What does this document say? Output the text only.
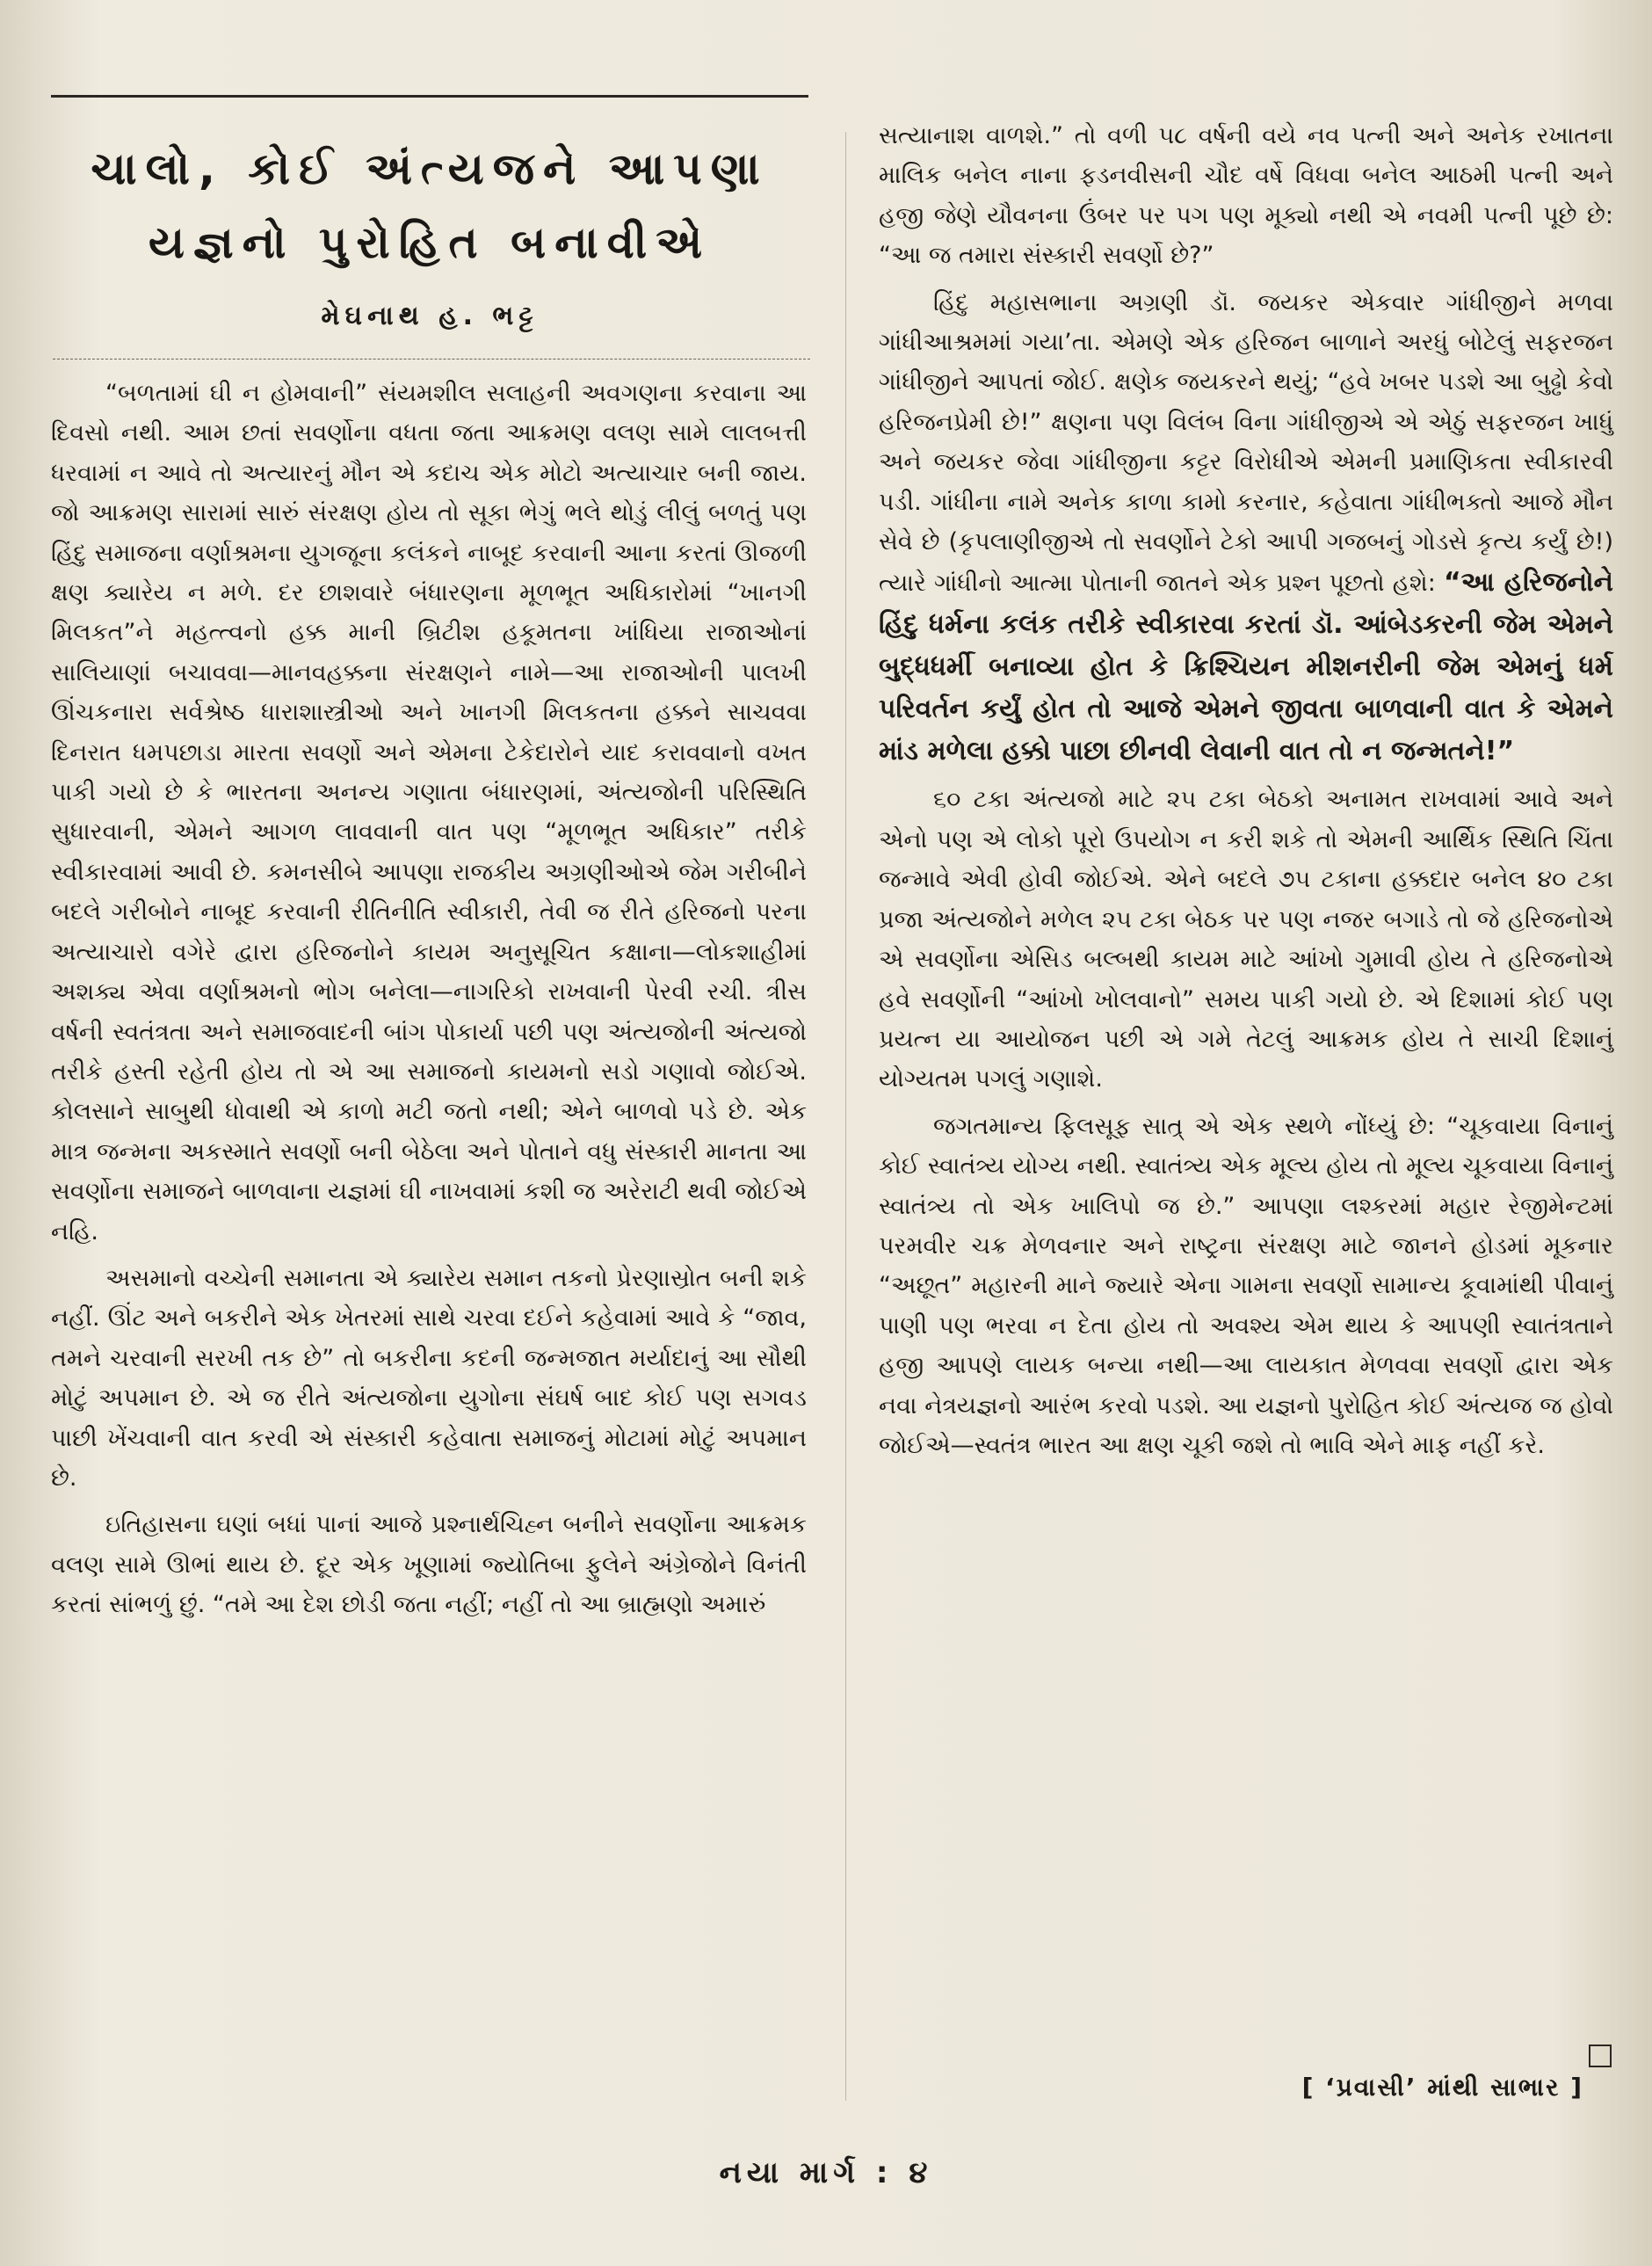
ચાલો, કોઈ અંત્યજને આપણા
યજ્ઞનો પુરોહિત બનાવીએ
મેઘનાથ હ. ભટ્ટ

“બળતામાં ઘી ન હોમવાની” સંયમશીલ સલાહની અવગણના કરવાના આ દિવસો નથી. આમ છતાં સવર્ણોના વધતા જતા આક્રમણ વલણ સામે લાલબત્તી ધરવામાં ન આવે તો અત્યારનું મૌન એ કદાચ એક મોટો અત્યાચાર બની જાય. જો આક્રમણ સારામાં સારું સંરક્ષણ હોય તો સૂકા ભેગું ભલે થોડું લીલું બળતું પણ હિંદુ સમાજના વર્ણાશ્રમના યુગજૂના કલંકને નાબૂદ કરવાની આના કરતાં ઊજળી ક્ષણ ક્યારેય ન મળે. દર છાશવારે બંધારણના મૂળભૂત અધિકારોમાં “ખાનગી મિલકત”ને મહત્ત્વનો હક્ક માની બ્રિટીશ હકૂમતના ખાંધિયા રાજાઓનાં સાલિયાણાં બચાવવા—માનવહક્કના સંરક્ષણને નામે—આ રાજાઓની પાલખી ઊંચકનારા સર્વશ્રેષ્ઠ ધારાશાસ્ત્રીઓ અને ખાનગી મિલકતના હક્કને સાચવવા દિનરાત ધમપછાડા મારતા સવર્ણો અને એમના ટેકેદારોને યાદ કરાવવાનો વખત પાકી ગયો છે કે ભારતના અનન્ય ગણાતા બંધારણમાં, અંત્યજોની પરિસ્થિતિ સુધારવાની, એમને આગળ લાવવાની વાત પણ “મૂળભૂત અધિકાર” તરીકે સ્વીકારવામાં આવી છે. કમનસીબે આપણા રાજકીય અગ્રણીઓએ જેમ ગરીબીને બદલે ગરીબોને નાબૂદ કરવાની રીતિનીતિ સ્વીકારી, તેવી જ રીતે હરિજનો પરના અત્યાચારો વગેરે દ્વારા હરિજનોને કાયમ અનુસૂચિત કક્ષાના—લોકશાહીમાં અશક્ય એવા વર્ણાશ્રમનો ભોગ બનેલા—નાગરિકો રાખવાની પેરવી રચી. ત્રીસ વર્ષની સ્વતંત્રતા અને સમાજવાદની બાંગ પોકાર્યા પછી પણ અંત્યજોની અંત્યજો તરીકે હસ્તી રહેતી હોય તો એ આ સમાજનો કાયમનો સડો ગણાવો જોઈએ. કોલસાને સાબુથી ધોવાથી એ કાળો મટી જતો નથી; એને બાળવો પડે છે. એક માત્ર જન્મના અકસ્માતે સવર્ણો બની બેઠેલા અને પોતાને વધુ સંસ્કારી માનતા આ સવર્ણોના સમાજને બાળવાના યજ્ઞમાં ઘી નાખવામાં કશી જ અરેરાટી થવી જોઈએ નહિ.

અસમાનો વચ્ચેની સમાનતા એ ક્યારેય સમાન તકનો પ્રેરણાસ્રોત બની શકે નહીં. ઊંટ અને બકરીને એક ખેતરમાં સાથે ચરવા દઈને કહેવામાં આવે કે “જાવ, તમને ચરવાની સરખી તક છે” તો બકરીના કદની જન્મજાત મર્યાદાનું આ સૌથી મોટું અપમાન છે. એ જ રીતે અંત્યજોના યુગોના સંઘર્ષ બાદ કોઈ પણ સગવડ પાછી ખેંચવાની વાત કરવી એ સંસ્કારી કહેવાતા સમાજનું મોટામાં મોટું અપમાન છે.

ઇતિહાસના ઘણાં બધાં પાનાં આજે પ્રશ્નાર્થચિહ્ન બનીને સવર્ણોના આક્રમક વલણ સામે ઊભાં થાય છે. દૂર એક ખૂણામાં જ્યોતિબા ફુલેને અંગ્રેજોને વિનંતી કરતાં સાંભળું છું. “તમે આ દેશ છોડી જતા નહીં; નહીં તો આ બ્રાહ્મણો અમારું

સત્યાનાશ વાળશે.” તો વળી ૫૮ વર્ષની વયે નવ પત્ની અને અનેક રખાતના માલિક બનેલ નાના ફડનવીસની ચૌદ વર્ષે વિધવા બનેલ આઠમી પત્ની અને હજી જેણે યૌવનના ઉંબર પર પગ પણ મૂક્યો નથી એ નવમી પત્ની પૂછે છે: “આ જ તમારા સંસ્કારી સવર્ણો છે?”

હિંદુ મહાસભાના અગ્રણી ડૉ. જયકર એકવાર ગાંધીજીને મળવા ગાંધીઆશ્રમમાં ગયા’તા. એમણે એક હરિજન બાળાને અરધું બોટેલું સફરજન ગાંધીજીને આપતાં જોઈ. ક્ષણેક જયકરને થયું; “હવે ખબર પડશે આ બુઢ્ઢો કેવો હરિજનપ્રેમી છે!” ક્ષણના પણ વિલંબ વિના ગાંધીજીએ એ એઠું સફરજન ખાધું અને જયકર જેવા ગાંધીજીના કટ્ટર વિરોધીએ એમની પ્રમાણિકતા સ્વીકારવી પડી. ગાંધીના નામે અનેક કાળા કામો કરનાર, કહેવાતા ગાંધીભક્તો આજે મૌન સેવે છે (કૃપલાણીજીએ તો સવર્ણોને ટેકો આપી ગજબનું ગોડસે કૃત્ય કર્યું છે!) ત્યારે ગાંધીનો આત્મા પોતાની જાતને એક પ્રશ્ન પૂછતો હશે: “આ હરિજનોને હિંદુ ધર્મના કલંક તરીકે સ્વીકારવા કરતાં ડૉ. આંબેડકરની જેમ એમને બુદ્ધધર્મી બનાવ્યા હોત કે ક્રિશ્ચિયન મીશનરીની જેમ એમનું ધર્મ પરિવર્તન કર્યું હોત તો આજે એમને જીવતા બાળવાની વાત કે એમને માંડ મળેલા હક્કો પાછા છીનવી લેવાની વાત તો ન જન્મતને!”

૬૦ ટકા અંત્યજો માટે ૨૫ ટકા બેઠકો અનામત રાખવામાં આવે અને એનો પણ એ લોકો પૂરો ઉપયોગ ન કરી શકે તો એમની આર્થિક સ્થિતિ ચિંતા જન્માવે એવી હોવી જોઈએ. એને બદલે ૭૫ ટકાના હક્કદાર બનેલ ૪૦ ટકા પ્રજા અંત્યજોને મળેલ ૨૫ ટકા બેઠક પર પણ નજર બગાડે તો જે હરિજનોએ એ સવર્ણોના એસિડ બલ્બથી કાયમ માટે આંખો ગુમાવી હોય તે હરિજનોએ હવે સવર્ણોની “આંખો ખોલવાનો” સમય પાકી ગયો છે. એ દિશામાં કોઈ પણ પ્રયત્ન યા આયોજન પછી એ ગમે તેટલું આક્રમક હોય તે સાચી દિશાનું યોગ્યતમ પગલું ગણાશે.

જગતમાન્ય ફિલસૂફ સાત્ર્ એ એક સ્થળે નોંધ્યું છે: “ચૂકવાયા વિનાનું કોઈ સ્વાતંત્ર્ય યોગ્ય નથી. સ્વાતંત્ર્ય એક મૂલ્ય હોય તો મૂલ્ય ચૂકવાયા વિનાનું સ્વાતંત્ર્ય તો એક ખાલિપો જ છે.” આપણા લશ્કરમાં મહાર રેજીમેન્ટમાં પરમવીર ચક્ર મેળવનાર અને રાષ્ટ્રના સંરક્ષણ માટે જાનને હોડમાં મૂકનાર “અછૂત” મહારની માને જ્યારે એના ગામના સવર્ણો સામાન્ય કૂવામાંથી પીવાનું પાણી પણ ભરવા ન દેતા હોય તો અવશ્ય એમ થાય કે આપણી સ્વાતંત્રતાને હજી આપણે લાયક બન્યા નથી—આ લાયકાત મેળવવા સવર્ણો દ્વારા એક નવા નેત્રયજ્ઞનો આરંભ કરવો પડશે. આ યજ્ઞનો પુરોહિત કોઈ અંત્યજ જ હોવો જોઈએ—સ્વતંત્ર ભારત આ ક્ષણ ચૂકી જશે તો ભાવિ એને માફ નહીં કરે.

[ ‘પ્રવાસી’ માંથી સાભાર ]
નયા માર્ગ : ૪
